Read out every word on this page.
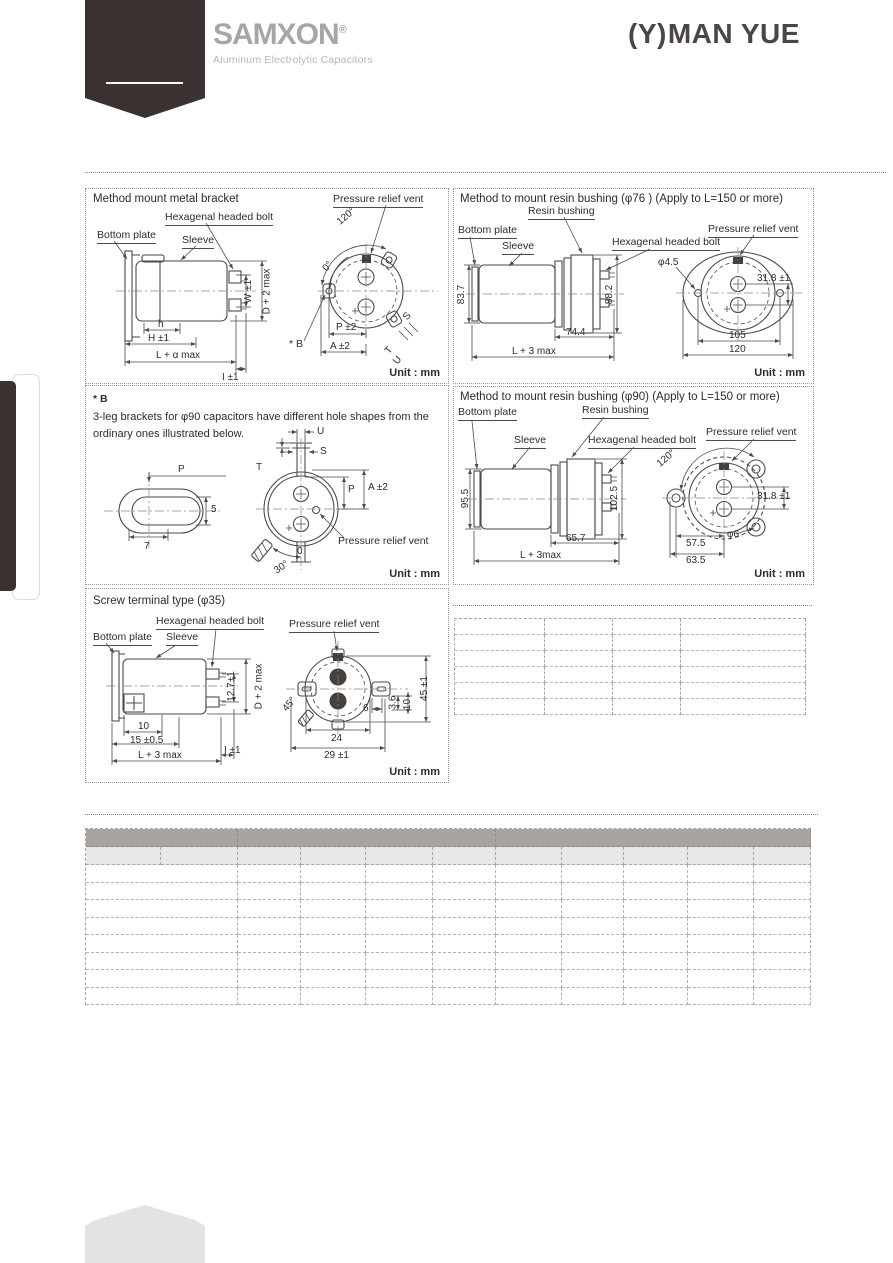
SAMXON®
Aluminum Electrolytic Capacitors
(Υ)MAN YUE
Method mount metal bracket	Pressure relief vent
Hexagenal headed bolt
Bottom plate Sleeve
W ±1 D + 2 max
h
H ±1
L + α max
I ±1
120°
0°
P ±2
A ±2
S
T
U
* B
Unit : mm
Method to mount resin bushing (φ76 ) (Apply to L=150 or more)
Resin bushing
Bottom plate
Sleeve	Hexagenal headed bolt
Pressure relief vent
φ4.5
31.8 ±1
83.7	88.2
74.4
L + 3 max
105
120
Unit : mm
* B
3-leg brackets for φ90 capacitors have different hole shapes from the
ordinary ones illustrated below.
P
5
7
U
S
T
P A ±2
0
30°
Pressure relief vent
Unit : mm
Method to mount resin bushing (φ90) (Apply to L=150 or more)
Bottom plate	Resin bushing
Sleeve	Hexagenal headed bolt
Pressure relief vent
95.5	102.5
65.7
L + 3max
120°
31.8 ±1
57.5
63.5
φ6
Unit : mm
Screw terminal type (φ35)
Hexagenal headed bolt
Bottom plate Sleeve
Pressure relief vent
12.7±1 D + 2 max
10
15 ±0.5
L + 3 max	I ±1
45°
24
29 ±1
6 3.6 10
45 ±1
Unit : mm
